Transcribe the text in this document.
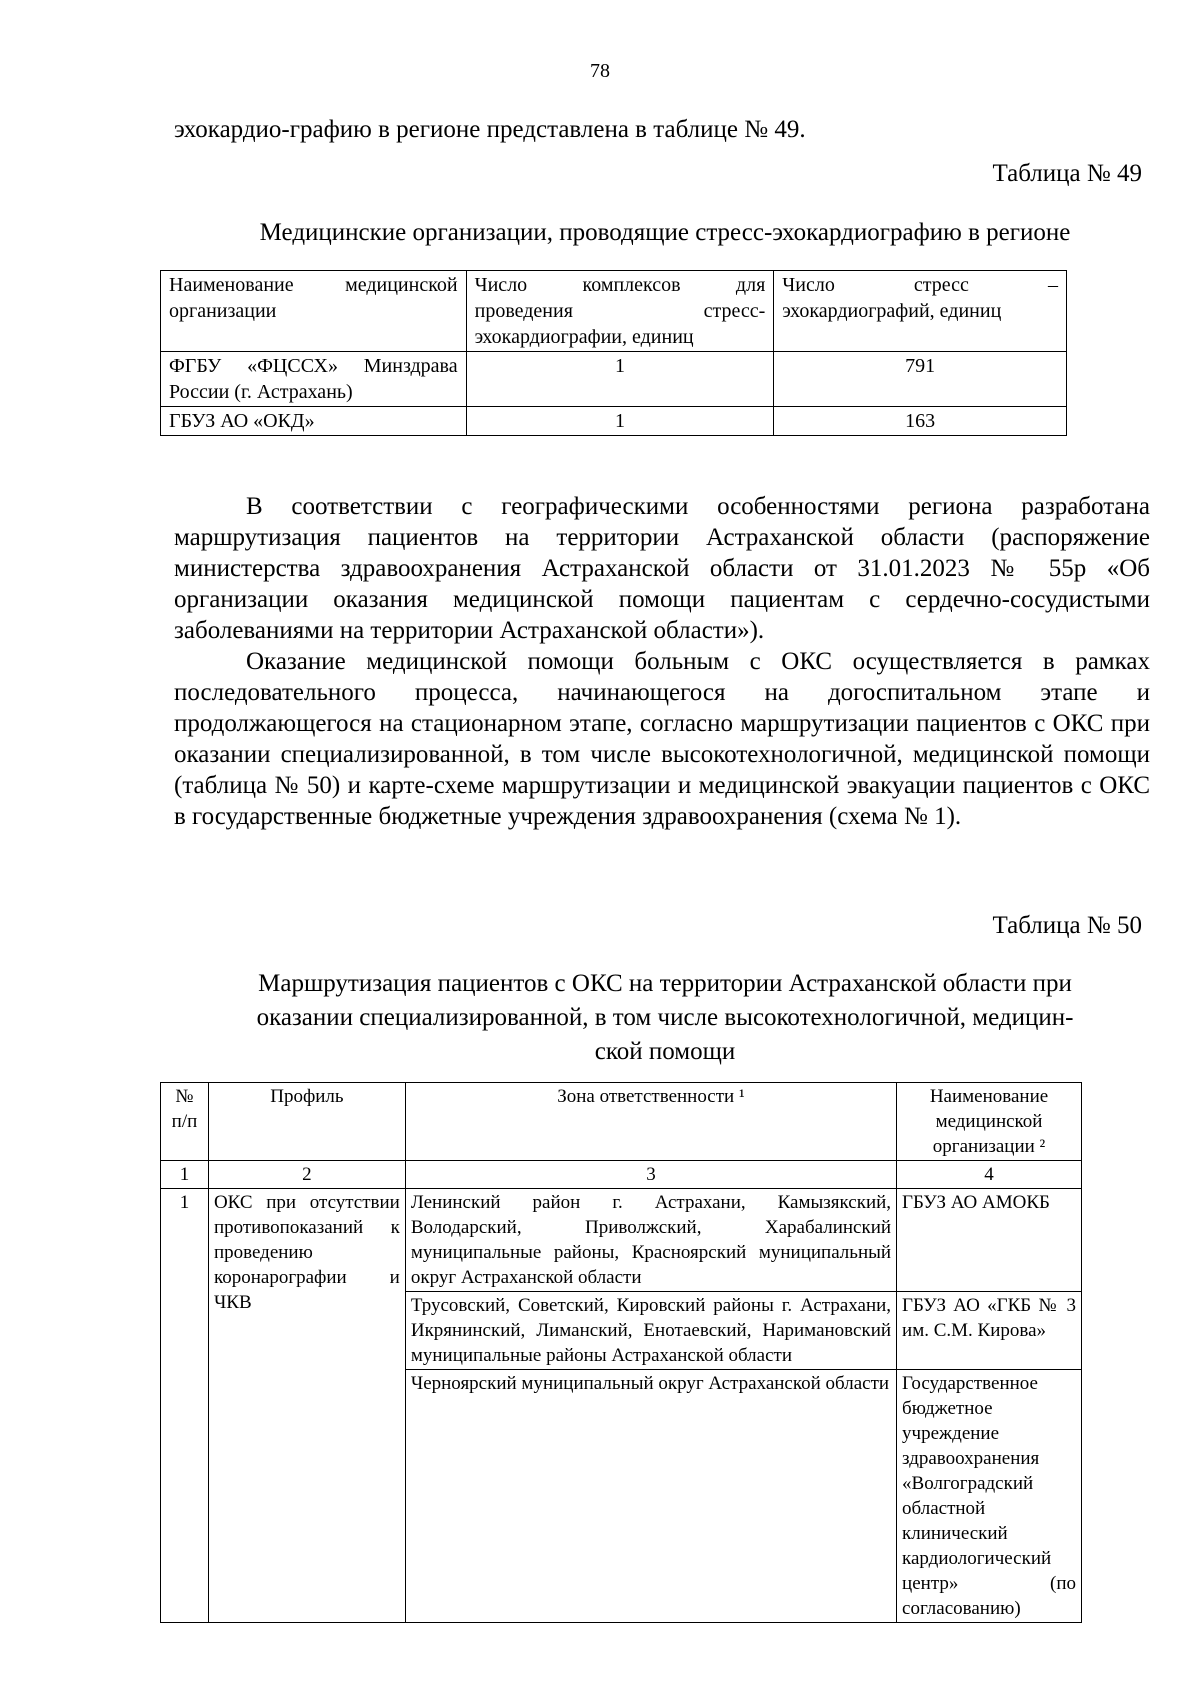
78
эхокардио-графию в регионе представлена в таблице № 49.
Таблица № 49
Медицинские организации, проводящие стресс-эхокардиографию в регионе
Наименование медицинской организации	Число комплексов для проведения стресс-эхокардиографии, единиц	Число стресс – эхокардиографий, единиц
ФГБУ «ФЦССХ» Минздрава России (г. Астрахань)	1	791
ГБУЗ АО «ОКД»	1	163

В соответствии с географическими особенностями региона разработана маршрутизация пациентов на территории Астраханской области (распоряжение министерства здравоохранения Астраханской области от 31.01.2023 № 55р «Об организации оказания медицинской помощи пациентам с сердечно-сосудистыми заболеваниями на территории Астраханской области»).

Оказание медицинской помощи больным с ОКС осуществляется в рамках последовательного процесса, начинающегося на догоспитальном этапе и продолжающегося на стационарном этапе, согласно маршрутизации пациентов с ОКС при оказании специализированной, в том числе высокотехнологичной, медицинской помощи (таблица № 50) и карте-схеме маршрутизации и медицинской эвакуации пациентов с ОКС в государственные бюджетные учреждения здравоохранения (схема № 1).

Таблица № 50
Маршрутизация пациентов с ОКС на территории Астраханской области при
оказании специализированной, в том числе высокотехнологичной, медицин-
ской помощи
№ п/п	Профиль	Зона ответственности ¹	Наименование медицинской организации ²
1	2	3	4
1	ОКС при отсутствии противопоказаний к проведению коронарографии и ЧКВ	Ленинский район г. Астрахани, Камызякский, Володарский, Приволжский, Харабалинский муниципальные районы, Красноярский муниципальный округ Астраханской области	ГБУЗ АО АМОКБ
		Трусовский, Советский, Кировский районы г. Астрахани, Икрянинский, Лиманский, Енотаевский, Наримановский муниципальные районы Астраханской области	ГБУЗ АО «ГКБ № 3 им. С.М. Кирова»
		Черноярский муниципальный округ Астраханской области	Государственное бюджетное учреждение здравоохранения «Волгоградский областной клинический кардиологический центр» (по согласованию)
